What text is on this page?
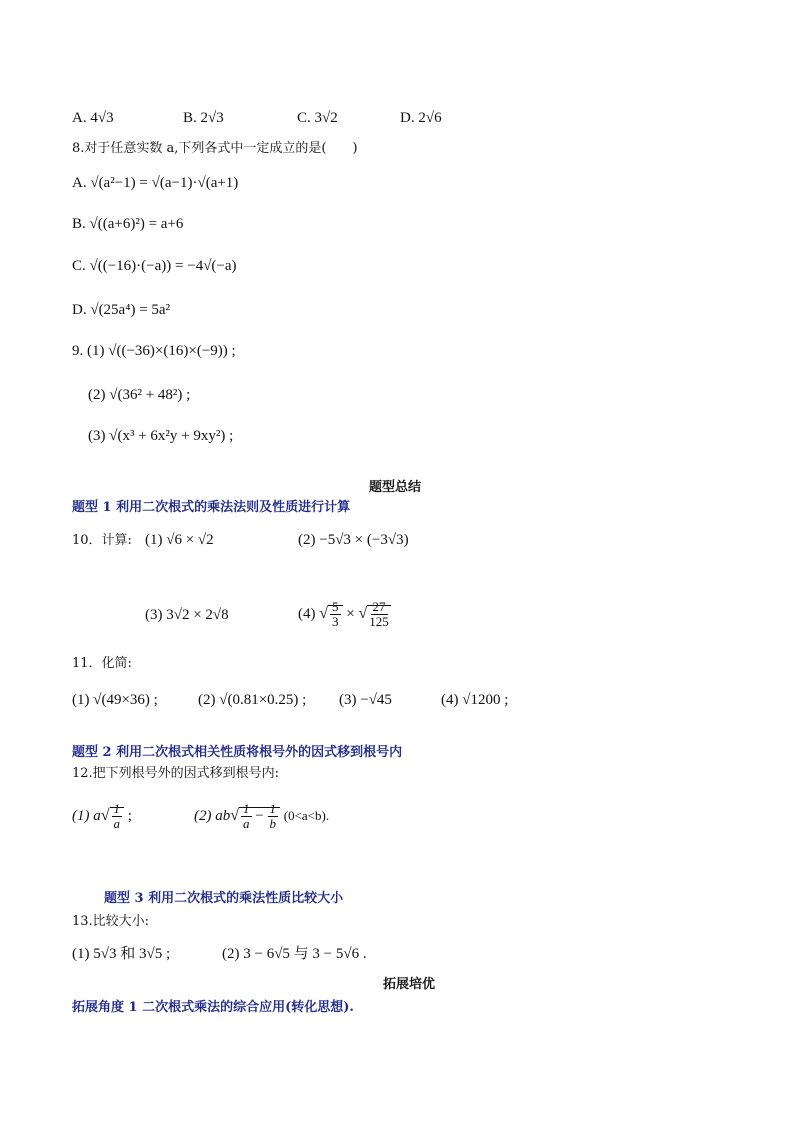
A. 4√3	B. 2√3	C. 3√2	D. 2√6
8.对于任意实数 a,下列各式中一定成立的是(　　)
A. √(a²−1) = √(a−1)·√(a+1)
B. √((a+6)²) = a+6
C. √((−16)·(−a)) = −4√(−a)
D. √(25a⁴) = 5a²
9. (1) √((−36)×(16)×(−9)) ;
(2) √(36² + 48²) ;
(3) √(x³ + 6x²y + 9xy²) ;
题型总结
题型 1 利用二次根式的乘法法则及性质进行计算
10．计算: (1) √6 × √2	(2) −5√3 × (−3√3)
(3) 3√2 × 2√8	(4) √ $\frac{5}{3}$ × √ $\frac{27}{125}$
11．化简:
(1) √(49×36) ;	(2) √(0.81×0.25) ; (3) −√45	(4) √1200 ;
题型 2 利用二次根式相关性质将根号外的因式移到根号内
12.把下列根号外的因式移到根号内:
(1) $a√ \frac{1}{a}$ ;	(2) $ab√ \frac{1}{a} - \frac{1}{b} (0<a<b)$.
题型 3 利用二次根式的乘法性质比较大小
13.比较大小:
(1) 5√3 和 3√5 ;	(2) 3 − 6√5 与 3 − 5√6 .
拓展培优
拓展角度 1 二次根式乘法的综合应用(转化思想).
